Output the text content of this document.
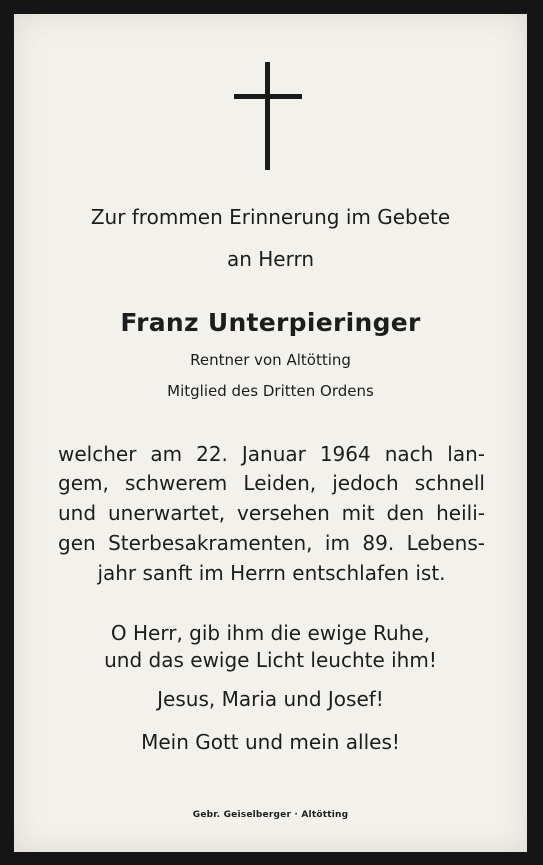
Zur frommen Erinnerung im Gebete
an Herrn
Franz Unterpieringer
Rentner von Altötting
Mitglied des Dritten Ordens
welcher am 22. Januar 1964 nach lan-
gem, schwerem Leiden, jedoch schnell
und unerwartet, versehen mit den heili-
gen Sterbesakramenten, im 89. Lebens-
jahr sanft im Herrn entschlafen ist.
O Herr, gib ihm die ewige Ruhe,
und das ewige Licht leuchte ihm!
Jesus, Maria und Josef!
Mein Gott und mein alles!
Gebr. Geiselberger · Altötting
